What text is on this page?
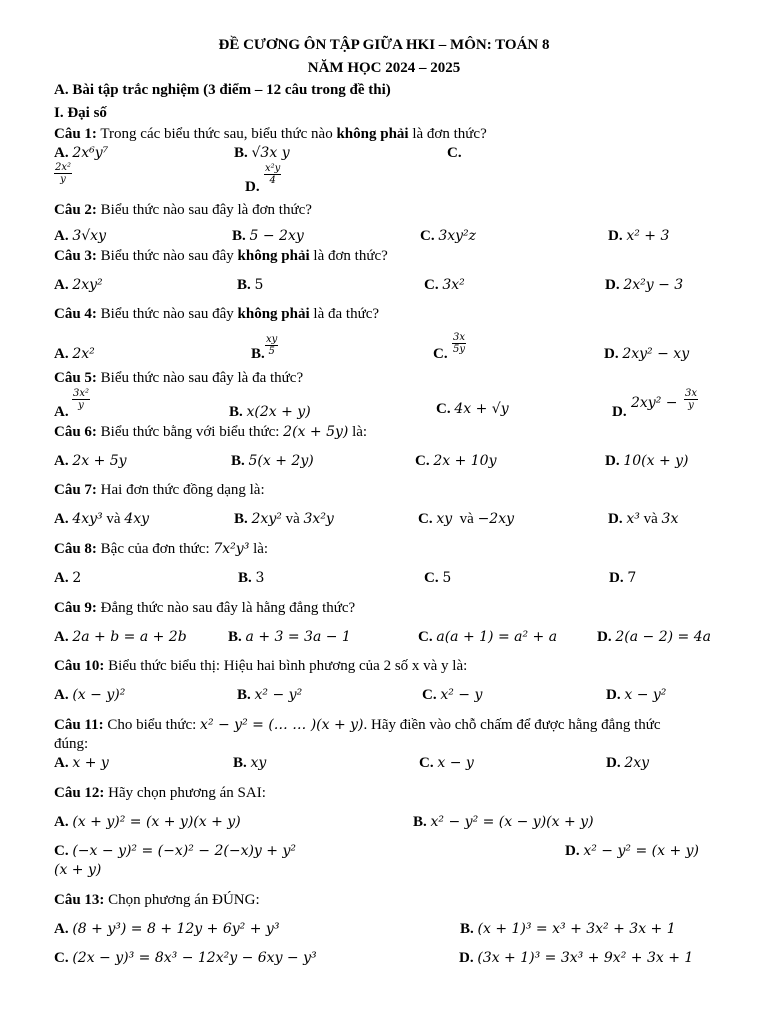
ĐỀ CƯƠNG ÔN TẬP GIỮA HKI – MÔN: TOÁN 8
NĂM HỌC 2024 – 2025
A. Bài tập trắc nghiệm (3 điểm – 12 câu trong đề thi)
I. Đại số
Câu 1: Trong các biểu thức sau, biểu thức nào không phải là đơn thức?
A. 2x⁶y⁷	B. √3x y	C.
$\frac{\text{2x²}}{y}$
D.
$\frac{\text{x²y}}{4}$
Câu 2: Biểu thức nào sau đây là đơn thức?
A. 3√xy	B. 5 − 2xy	C. 3xy²z	D. x² + 3
Câu 3: Biểu thức nào sau đây không phải là đơn thức?
A. 2xy²	B. 5	C. 3x²	D. 2x²y − 3
Câu 4: Biểu thức nào sau đây không phải là đa thức?
A. 2x²	B. $\frac{xy}{5}$	C. $\frac{3x}{5y}$	D. 2xy² − xy
Câu 5: Biểu thức nào sau đây là đa thức?
A.
$\frac{\text{3x²}}{y}$
B. x(2x + y)	C. 4x + √y	D.
$2xy^2 - \frac{3x}{y}$
Câu 6: Biểu thức bằng với biểu thức: 2(x + 5y) là:
A. 2x + 5y	B. 5(x + 2y)	C. 2x + 10y	D. 10(x + y)
Câu 7: Hai đơn thức đồng dạng là:
A. 4xy³ và 4xy	B. 2xy² và 3x²y	C. xy và −2xy	D. x³ và 3x
Câu 8: Bậc của đơn thức: 7x²y³ là:
A. 2	B. 3	C. 5	D. 7
Câu 9: Đẳng thức nào sau đây là hằng đẳng thức?
A. 2a + b = a + 2b	B. a + 3 = 3a − 1	C. a(a + 1) = a² + a	D. 2(a − 2) = 4a
Câu 10: Biểu thức biểu thị: Hiệu hai bình phương của 2 số x và y là:
A. (x − y)²	B. x² − y²	C. x² − y	D. x − y²
Câu 11: Cho biểu thức: x² − y² = (… … )(x + y). Hãy điền vào chỗ chấm để được hằng đẳng thức
đúng:
A. x + y	B. xy	C. x − y	D. 2xy
Câu 12: Hãy chọn phương án SAI:
A. (x + y)² = (x + y)(x + y)	B. x² − y² = (x − y)(x + y)
C. (−x − y)² = (−x)² − 2(−x)y + y²	D. x² − y² = (x + y)
(x + y)
Câu 13: Chọn phương án ĐÚNG:
A. (8 + y³) = 8 + 12y + 6y² + y³	B. (x + 1)³ = x³ + 3x² + 3x + 1
C. (2x − y)³ = 8x³ − 12x²y − 6xy − y³	D. (3x + 1)³ = 3x³ + 9x² + 3x + 1
